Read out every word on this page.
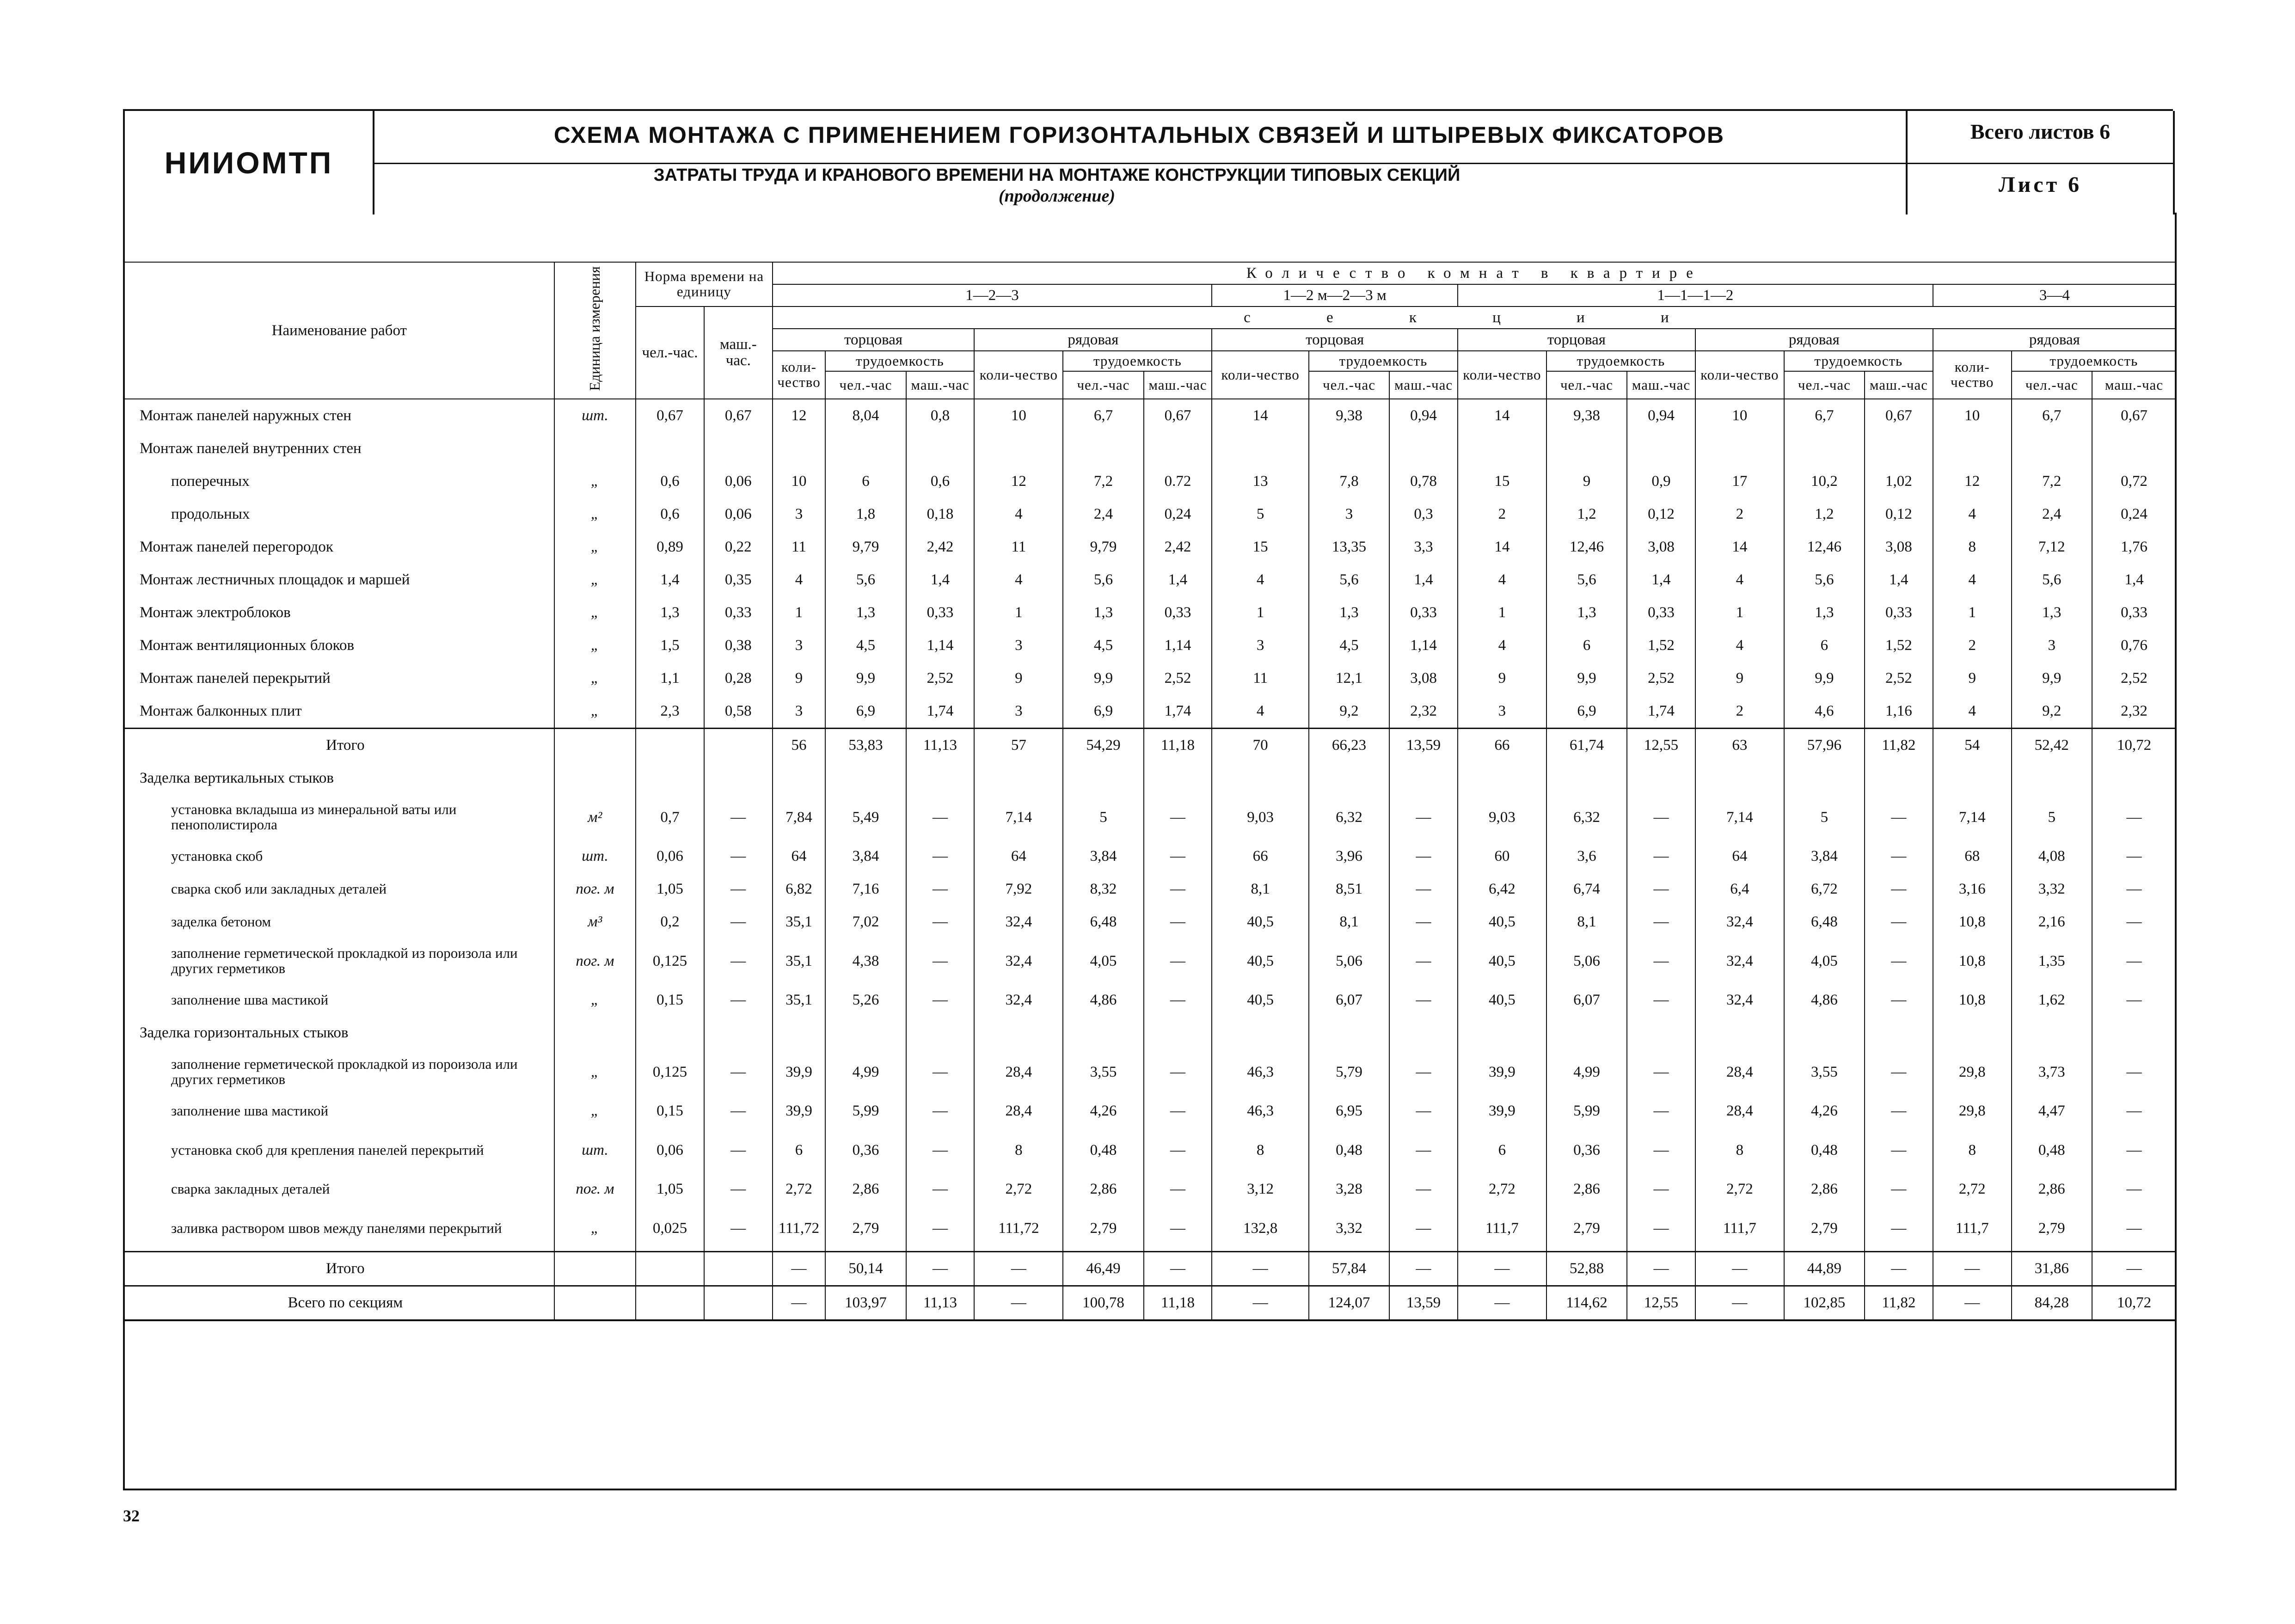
НИИОМТП
СХЕМА МОНТАЖА С ПРИМЕНЕНИЕМ ГОРИЗОНТАЛЬНЫХ СВЯЗЕЙ И ШТЫРЕВЫХ ФИКСАТОРОВ
ЗАТРАТЫ ТРУДА И КРАНОВОГО ВРЕМЕНИ НА МОНТАЖЕ КОНСТРУКЦИИ ТИПОВЫХ СЕКЦИЙ
(продолжение)
Всего листов 6
Лист 6
Наименование работ	Единица измерения	Норма времени на единицу		Количество комнат в квартире																	
				1—2—3						1—2 м—2—3 м			1—1—1—2						3—4		
		чел.-час.	маш.-час.	с е к ц и и																	
				торцовая			рядовая			торцовая			торцовая			рядовая			рядовая		
				коли-чество	трудоемкость		коли-чество	трудоемкость		коли-чество	трудоемкость		коли-чество	трудоемкость		коли-чество	трудоемкость		коли-чество	трудоемкость	
					чел.-час	маш.-час		чел.-час	маш.-час		чел.-час	маш.-час		чел.-час	маш.-час		чел.-час	маш.-час		чел.-час	маш.-час
Монтаж панелей наружных стен	шт.	0,67	0,67	12	8,04	0,8	10	6,7	0,67	14	9,38	0,94	14	9,38	0,94	10	6,7	0,67	10	6,7	0,67
Монтаж панелей внутренних стен																					
поперечных	„	0,6	0,06	10	6	0,6	12	7,2	0.72	13	7,8	0,78	15	9	0,9	17	10,2	1,02	12	7,2	0,72
продольных	„	0,6	0,06	3	1,8	0,18	4	2,4	0,24	5	3	0,3	2	1,2	0,12	2	1,2	0,12	4	2,4	0,24
Монтаж панелей перегородок	„	0,89	0,22	11	9,79	2,42	11	9,79	2,42	15	13,35	3,3	14	12,46	3,08	14	12,46	3,08	8	7,12	1,76
Монтаж лестничных площадок и маршей	„	1,4	0,35	4	5,6	1,4	4	5,6	1,4	4	5,6	1,4	4	5,6	1,4	4	5,6	1,4	4	5,6	1,4
Монтаж электроблоков	„	1,3	0,33	1	1,3	0,33	1	1,3	0,33	1	1,3	0,33	1	1,3	0,33	1	1,3	0,33	1	1,3	0,33
Монтаж вентиляционных блоков	„	1,5	0,38	3	4,5	1,14	3	4,5	1,14	3	4,5	1,14	4	6	1,52	4	6	1,52	2	3	0,76
Монтаж панелей перекрытий	„	1,1	0,28	9	9,9	2,52	9	9,9	2,52	11	12,1	3,08	9	9,9	2,52	9	9,9	2,52	9	9,9	2,52
Монтаж балконных плит	„	2,3	0,58	3	6,9	1,74	3	6,9	1,74	4	9,2	2,32	3	6,9	1,74	2	4,6	1,16	4	9,2	2,32
Итого				56	53,83	11,13	57	54,29	11,18	70	66,23	13,59	66	61,74	12,55	63	57,96	11,82	54	52,42	10,72
Заделка вертикальных стыков																					
установка вкладыша из минеральной ваты или пенополистирола	м²	0,7	—	7,84	5,49	—	7,14	5	—	9,03	6,32	—	9,03	6,32	—	7,14	5	—	7,14	5	—
установка скоб	шт.	0,06	—	64	3,84	—	64	3,84	—	66	3,96	—	60	3,6	—	64	3,84	—	68	4,08	—
сварка скоб или закладных деталей	пог. м	1,05	—	6,82	7,16	—	7,92	8,32	—	8,1	8,51	—	6,42	6,74	—	6,4	6,72	—	3,16	3,32	—
заделка бетоном	м³	0,2	—	35,1	7,02	—	32,4	6,48	—	40,5	8,1	—	40,5	8,1	—	32,4	6,48	—	10,8	2,16	—
заполнение герметической прокладкой из пороизола или других герметиков	пог. м	0,125	—	35,1	4,38	—	32,4	4,05	—	40,5	5,06	—	40,5	5,06	—	32,4	4,05	—	10,8	1,35	—
заполнение шва мастикой	„	0,15	—	35,1	5,26	—	32,4	4,86	—	40,5	6,07	—	40,5	6,07	—	32,4	4,86	—	10,8	1,62	—
Заделка горизонтальных стыков																					
заполнение герметической прокладкой из пороизола или других герметиков	„	0,125	—	39,9	4,99	—	28,4	3,55	—	46,3	5,79	—	39,9	4,99	—	28,4	3,55	—	29,8	3,73	—
заполнение шва мастикой	„	0,15	—	39,9	5,99	—	28,4	4,26	—	46,3	6,95	—	39,9	5,99	—	28,4	4,26	—	29,8	4,47	—
установка скоб для крепления панелей перекрытий	шт.	0,06	—	6	0,36	—	8	0,48	—	8	0,48	—	6	0,36	—	8	0,48	—	8	0,48	—
сварка закладных деталей	пог. м	1,05	—	2,72	2,86	—	2,72	2,86	—	3,12	3,28	—	2,72	2,86	—	2,72	2,86	—	2,72	2,86	—
заливка раствором швов между панелями перекрытий	„	0,025	—	111,72	2,79	—	111,72	2,79	—	132,8	3,32	—	111,7	2,79	—	111,7	2,79	—	111,7	2,79	—
Итого				—	50,14	—	—	46,49	—	—	57,84	—	—	52,88	—	—	44,89	—	—	31,86	—
Всего по секциям				—	103,97	11,13	—	100,78	11,18	—	124,07	13,59	—	114,62	12,55	—	102,85	11,82	—	84,28	10,72
32
